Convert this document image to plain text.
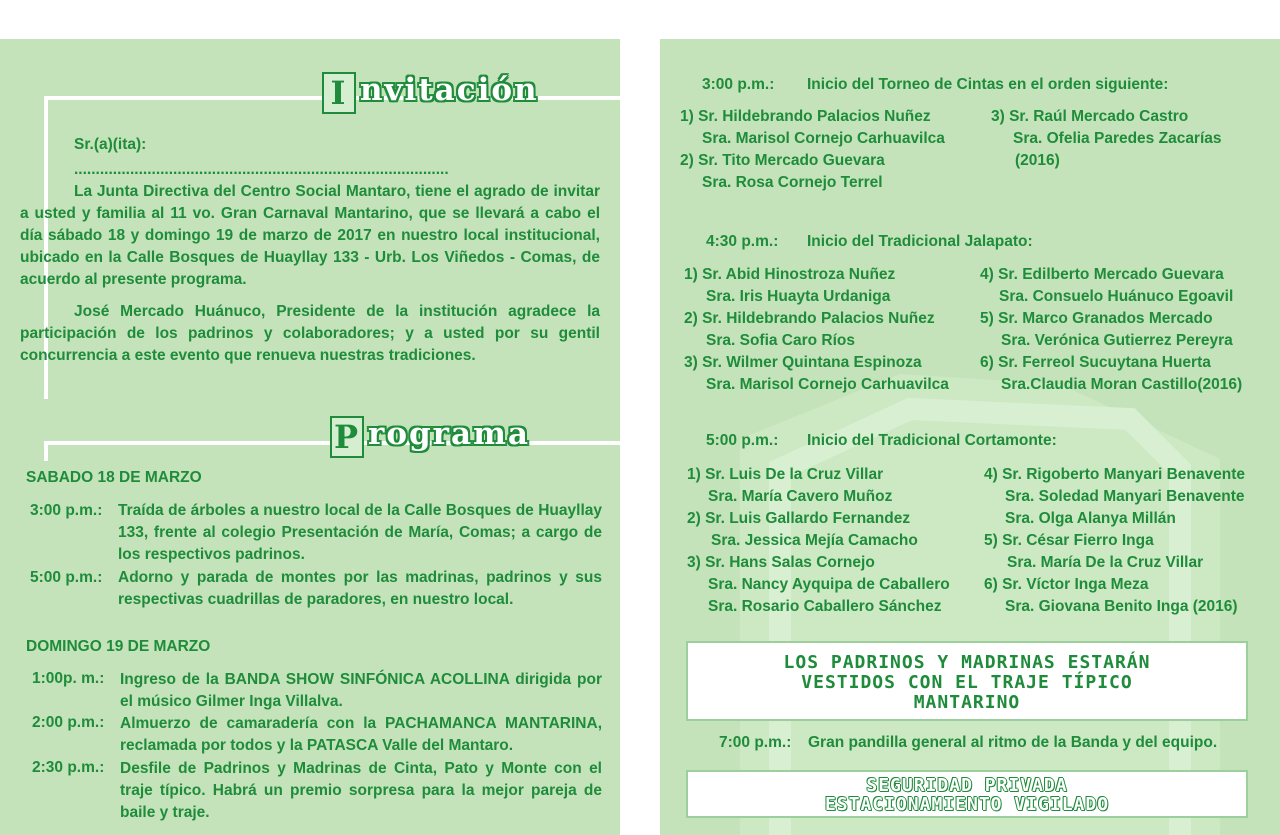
I nvitación
Sr.(a)(ita):
.......................................................................................
La Junta Directiva del Centro Social Mantaro, tiene el agrado de invitar a usted y familia al 11 vo. Gran Carnaval Mantarino, que se llevará a cabo el día sábado 18 y domingo 19 de marzo de 2017 en nuestro local institucional, ubicado en la Calle Bosques de Huayllay 133 - Urb. Los Viñedos - Comas, de acuerdo al presente programa.
José Mercado Huánuco, Presidente de la institución agradece la participación de los padrinos y colaboradores; y a usted por su gentil concurrencia a este evento que renueva nuestras tradiciones.
P rograma
SABADO 18 DE MARZO
3:00 p.m.: Traída de árboles a nuestro local de la Calle Bosques de Huayllay 133, frente al colegio Presentación de María, Comas; a cargo de los respectivos padrinos.
5:00 p.m.: Adorno y parada de montes por las madrinas, padrinos y sus respectivas cuadrillas de paradores, en nuestro local.
DOMINGO 19 DE MARZO
1:00p. m.: Ingreso de la BANDA SHOW SINFÓNICA ACOLLINA dirigida por el músico Gilmer Inga Villalva.
2:00 p.m.: Almuerzo de camaradería con la PACHAMANCA MANTARINA, reclamada por todos y la PATASCA Valle del Mantaro.
2:30 p.m.: Desfile de Padrinos y Madrinas de Cinta, Pato y Monte con el traje típico. Habrá un premio sorpresa para la mejor pareja de baile y traje.
3:00 p.m.: Inicio del Torneo de Cintas en el orden siguiente:
1) Sr. Hildebrando Palacios Nuñez
Sra. Marisol Cornejo Carhuavilca
2) Sr. Tito Mercado Guevara
Sra. Rosa Cornejo Terrel
3) Sr. Raúl Mercado Castro
Sra. Ofelia Paredes Zacarías
(2016)
4:30 p.m.: Inicio del Tradicional Jalapato:
1) Sr. Abid Hinostroza Nuñez
Sra. Iris Huayta Urdaniga
2) Sr. Hildebrando Palacios Nuñez
Sra. Sofia Caro Ríos
3) Sr. Wilmer Quintana Espinoza
Sra. Marisol Cornejo Carhuavilca
4) Sr. Edilberto Mercado Guevara
Sra. Consuelo Huánuco Egoavil
5) Sr. Marco Granados Mercado
Sra. Verónica Gutierrez Pereyra
6) Sr. Ferreol Sucuytana Huerta
Sra.Claudia Moran Castillo(2016)
5:00 p.m.: Inicio del Tradicional Cortamonte:
1) Sr. Luis De la Cruz Villar
Sra. María Cavero Muñoz
2) Sr. Luis Gallardo Fernandez
Sra. Jessica Mejía Camacho
3) Sr. Hans Salas Cornejo
Sra. Nancy Ayquipa de Caballero
Sra. Rosario Caballero Sánchez
4) Sr. Rigoberto Manyari Benavente
Sra. Soledad Manyari Benavente
Sra. Olga Alanya Millán
5) Sr. César Fierro Inga
Sra. María De la Cruz Villar
6) Sr. Víctor Inga Meza
Sra. Giovana Benito Inga (2016)
LOS PADRINOS Y MADRINAS ESTARÁN
VESTIDOS CON EL TRAJE TÍPICO
MANTARINO
7:00 p.m.: Gran pandilla general al ritmo de la Banda y del equipo.
SEGURIDAD PRIVADA
ESTACIONAMIENTO VIGILADO
